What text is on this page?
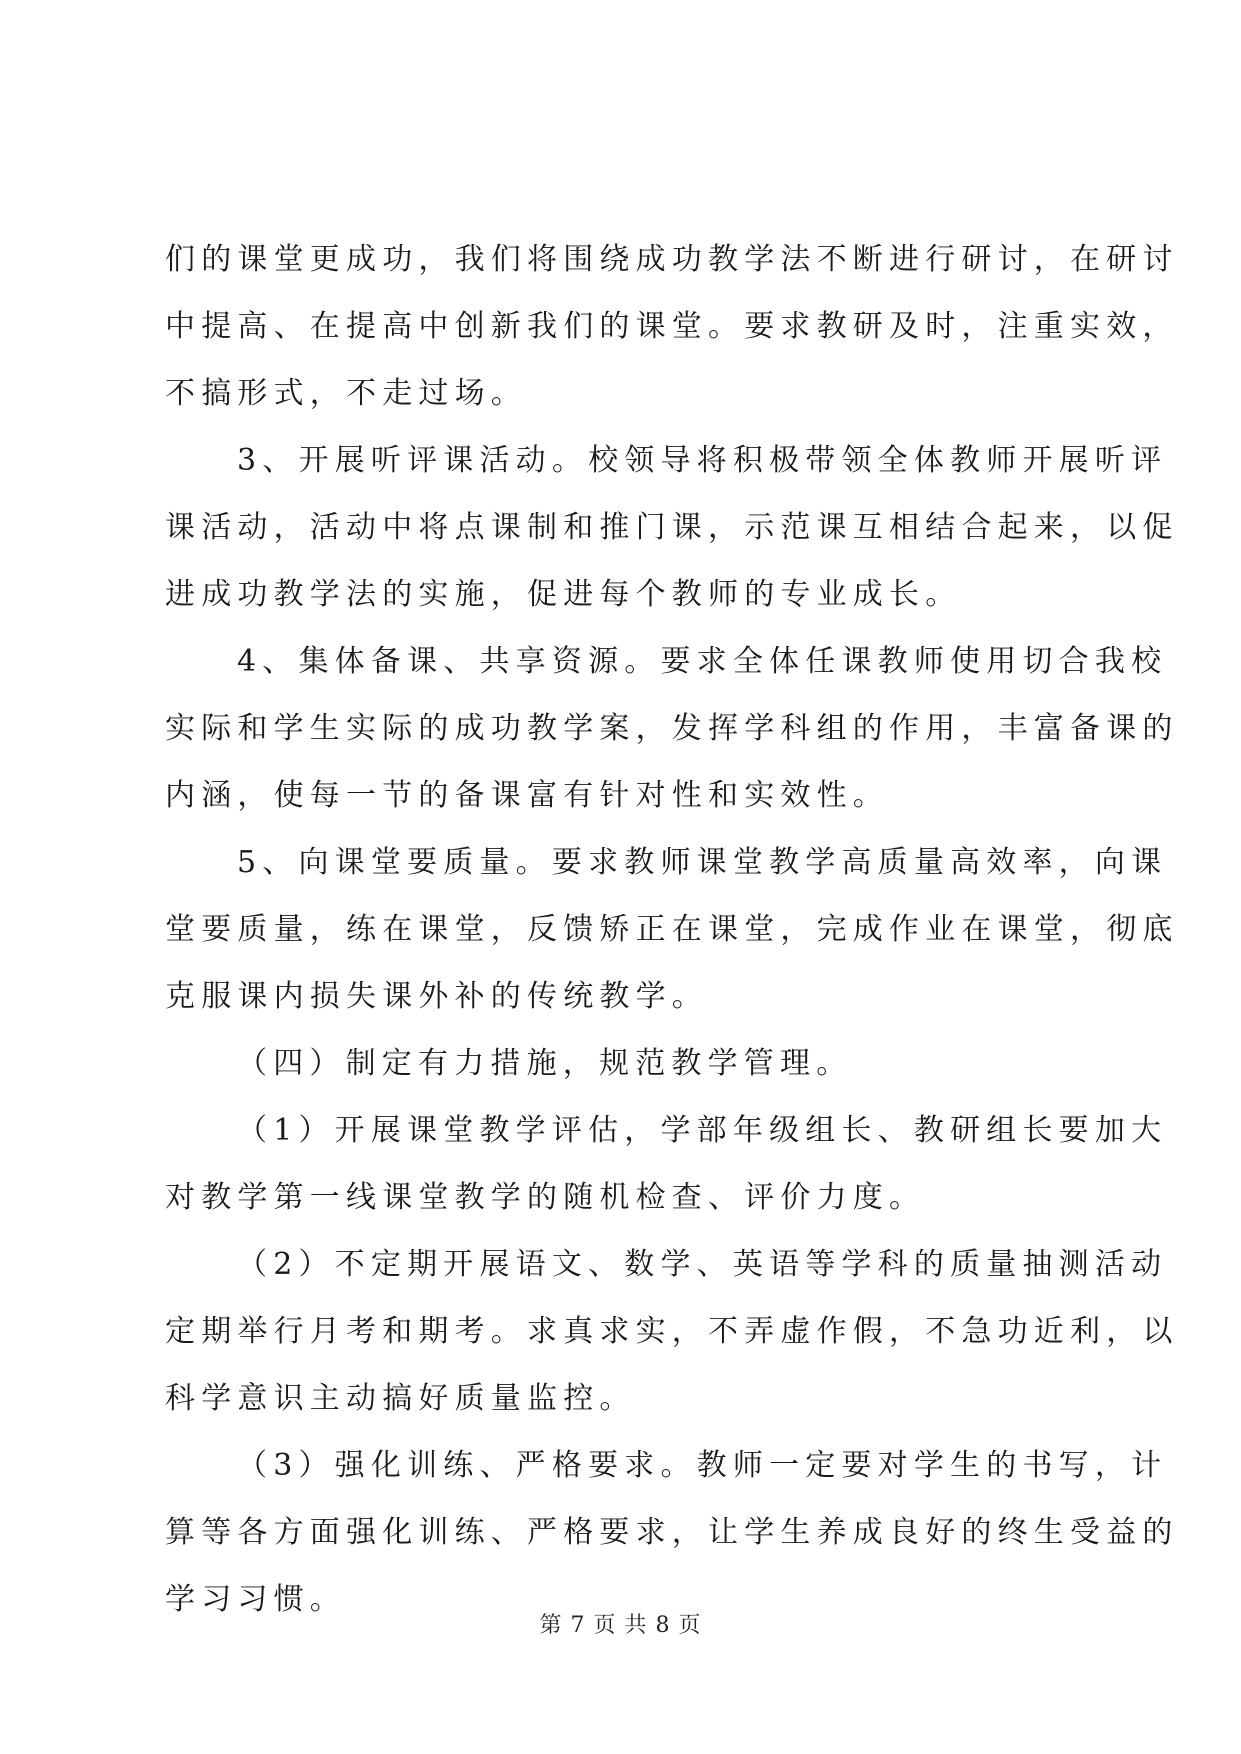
们的课堂更成功，我们将围绕成功教学法不断进行研讨，在研讨
中提高、在提高中创新我们的课堂。要求教研及时，注重实效，
不搞形式，不走过场。

3、开展听评课活动。校领导将积极带领全体教师开展听评
课活动，活动中将点课制和推门课，示范课互相结合起来，以促
进成功教学法的实施，促进每个教师的专业成长。

4、集体备课、共享资源。要求全体任课教师使用切合我校
实际和学生实际的成功教学案，发挥学科组的作用，丰富备课的
内涵，使每一节的备课富有针对性和实效性。

5、向课堂要质量。要求教师课堂教学高质量高效率，向课
堂要质量，练在课堂，反馈矫正在课堂，完成作业在课堂，彻底
克服课内损失课外补的传统教学。

（四）制定有力措施，规范教学管理。

（1）开展课堂教学评估，学部年级组长、教研组长要加大
对教学第一线课堂教学的随机检查、评价力度。

（2）不定期开展语文、数学、英语等学科的质量抽测活动
定期举行月考和期考。求真求实，不弄虚作假，不急功近利，以
科学意识主动搞好质量监控。

（3）强化训练、严格要求。教师一定要对学生的书写，计
算等各方面强化训练、严格要求，让学生养成良好的终生受益的
学习习惯。

第 7 页 共 8 页
